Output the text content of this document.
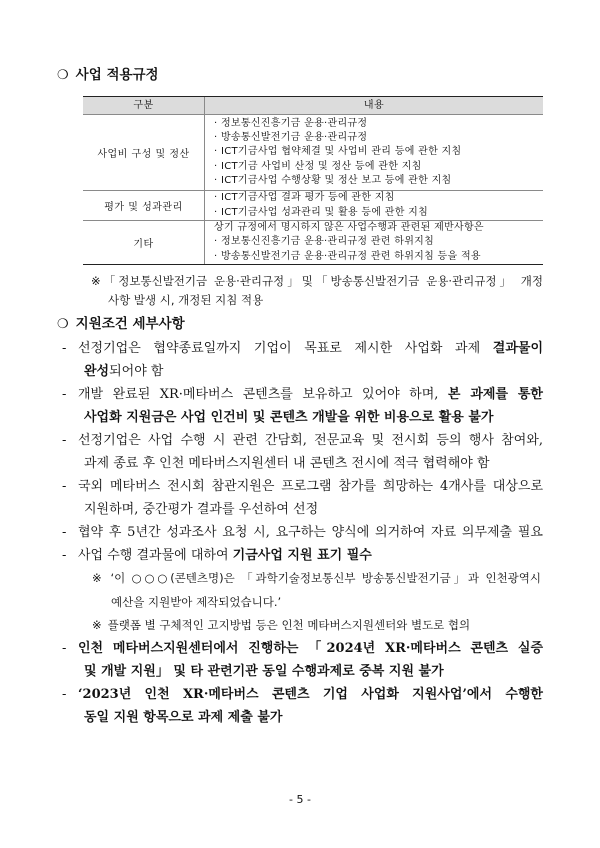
❍ 사업 적용규정
구분	내용
사업비 구성 및 정산
· 정보통신진흥기금 운용·관리규정
· 방송통신발전기금 운용·관리규정
· ICT기금사업 협약체결 및 사업비 관리 등에 관한 지침
· ICT기금 사업비 산정 및 정산 등에 관한 지침
· ICT기금사업 수행상황 및 정산 보고 등에 관한 지침
평가 및 성과관리
· ICT기금사업 결과 평가 등에 관한 지침
· ICT기금사업 성과관리 및 활용 등에 관한 지침
기타
상기 규정에서 명시하지 않은 사업수행과 관련된 제반사항은
· 정보통신진흥기금 운용·관리규정 관련 하위지침
· 방송통신발전기금 운용·관리규정 관련 하위지침 등을 적용
※「정보통신발전기금 운용·관리규정」및「방송통신발전기금 운용·관리규정」 개정
사항 발생 시, 개정된 지침 적용
❍ 지원조건 세부사항
- 선정기업은 협약종료일까지 기업이 목표로 제시한 사업화 과제 결과물이
완성되어야 함
- 개발 완료된 XR·메타버스 콘텐츠를 보유하고 있어야 하며, 본 과제를 통한
사업화 지원금은 사업 인건비 및 콘텐츠 개발을 위한 비용으로 활용 불가
- 선정기업은 사업 수행 시 관련 간담회, 전문교육 및 전시회 등의 행사 참여와,
과제 종료 후 인천 메타버스지원센터 내 콘텐츠 전시에 적극 협력해야 함
- 국외 메타버스 전시회 참관지원은 프로그램 참가를 희망하는 4개사를 대상으로
지원하며, 중간평가 결과를 우선하여 선정
- 협약 후 5년간 성과조사 요청 시, 요구하는 양식에 의거하여 자료 의무제출 필요
- 사업 수행 결과물에 대하여 기금사업 지원 표기 필수
※ ‘이 ○○○(콘텐츠명)은 「과학기술정보통신부 방송통신발전기금」과 인천광역시
예산을 지원받아 제작되었습니다.’
※ 플랫폼 별 구체적인 고지방법 등은 인천 메타버스지원센터와 별도로 협의
- 인천 메타버스지원센터에서 진행하는 「2024년 XR·메타버스 콘텐츠 실증
및 개발 지원」 및 타 관련기관 동일 수행과제로 중복 지원 불가
- ‘2023년 인천 XR·메타버스 콘텐츠 기업 사업화 지원사업’에서 수행한
동일 지원 항목으로 과제 제출 불가
- 5 -
